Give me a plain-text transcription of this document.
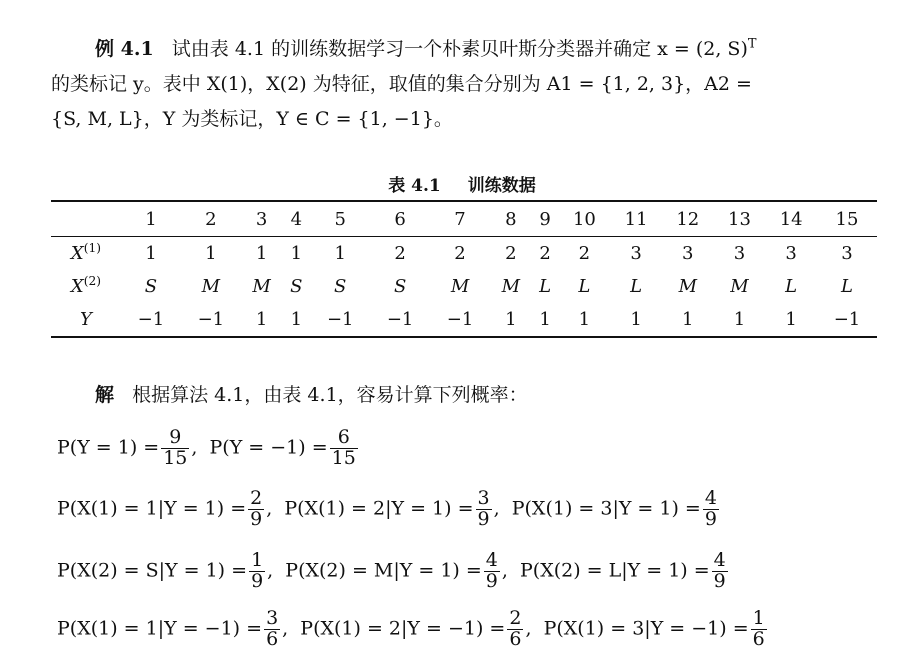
例 4.1 试由表 4.1 的训练数据学习一个朴素贝叶斯分类器并确定 x = (2, S)$^T$
的类标记 y。表中 X(1)，X(2) 为特征，取值的集合分别为 A1 = {1, 2, 3}，A2 =
{S, M, L}，Y 为类标记，Y ∈ C = {1, −1}。
表 4.1 训练数据
	1	2	3	4	5	6	7	8	9	10	11	12	13	14	15
$X^{(1)}$	1	1	1	1	1	2	2	2	2	2	3	3	3	3	3
$X^{(2)}$	S	M	M	S	S	S	M	M	L	L	L	M	M	L	L
Y	−1	−1	1	1	−1	−1	−1	1	1	1	1	1	1	1	−1
解 根据算法 4.1，由表 4.1，容易计算下列概率：
$P(Y = 1) = \frac{9}{15}$ ,  $P(Y = -1) = \frac{6}{15}$
$P(X(1) = 1|Y = 1) = \frac{2}{9}$ ,  $P(X(1) = 2|Y = 1) = \frac{3}{9}$ ,  $P(X(1) = 3|Y = 1) = \frac{4}{9}$
$P(X(2) = S|Y = 1) = \frac{1}{9}$ ,  $P(X(2) = M|Y = 1) = \frac{4}{9}$ ,  $P(X(2) = L|Y = 1) = \frac{4}{9}$
$P(X(1) = 1|Y = -1) = \frac{3}{6}$ ,  $P(X(1) = 2|Y = -1) = \frac{2}{6}$ ,  $P(X(1) = 3|Y = -1) = \frac{1}{6}$
